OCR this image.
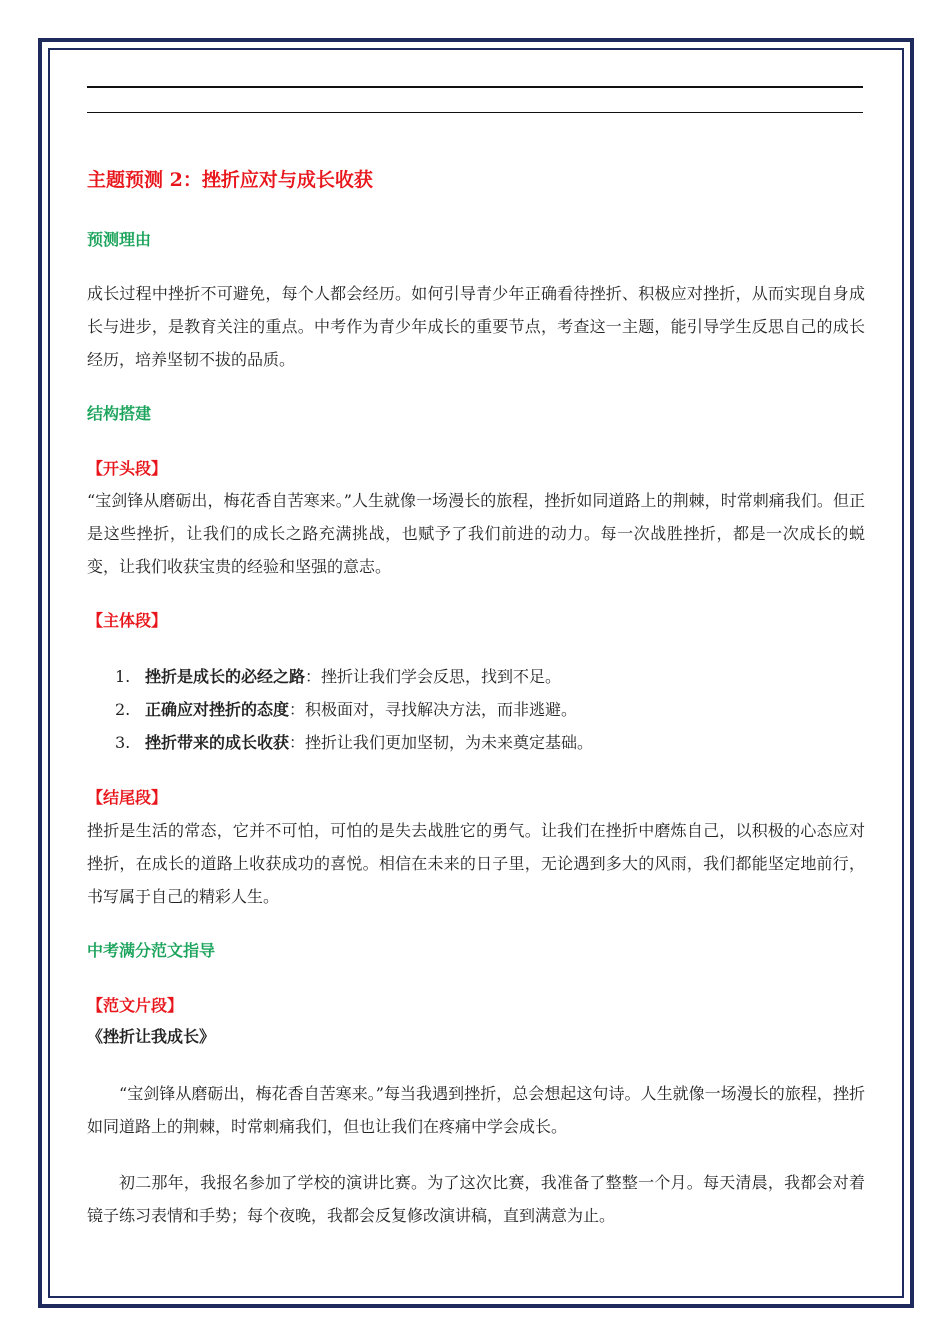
主题预测 2：挫折应对与成长收获
预测理由
成长过程中挫折不可避免，每个人都会经历。如何引导青少年正确看待挫折、积极应对挫折，从而实现自身成长与进步，是教育关注的重点。中考作为青少年成长的重要节点，考查这一主题，能引导学生反思自己的成长经历，培养坚韧不拔的品质。
结构搭建
【开头段】
“宝剑锋从磨砺出，梅花香自苦寒来。”人生就像一场漫长的旅程，挫折如同道路上的荆棘，时常刺痛我们。但正是这些挫折，让我们的成长之路充满挑战，也赋予了我们前进的动力。每一次战胜挫折，都是一次成长的蜕变，让我们收获宝贵的经验和坚强的意志。
【主体段】
1. 挫折是成长的必经之路：挫折让我们学会反思，找到不足。
2. 正确应对挫折的态度：积极面对，寻找解决方法，而非逃避。
3. 挫折带来的成长收获：挫折让我们更加坚韧，为未来奠定基础。
【结尾段】
挫折是生活的常态，它并不可怕，可怕的是失去战胜它的勇气。让我们在挫折中磨炼自己，以积极的心态应对挫折，在成长的道路上收获成功的喜悦。相信在未来的日子里，无论遇到多大的风雨，我们都能坚定地前行，书写属于自己的精彩人生。
中考满分范文指导
【范文片段】
《挫折让我成长》
“宝剑锋从磨砺出，梅花香自苦寒来。”每当我遇到挫折，总会想起这句诗。人生就像一场漫长的旅程，挫折如同道路上的荆棘，时常刺痛我们，但也让我们在疼痛中学会成长。
初二那年，我报名参加了学校的演讲比赛。为了这次比赛，我准备了整整一个月。每天清晨，我都会对着镜子练习表情和手势；每个夜晚，我都会反复修改演讲稿，直到满意为止。
